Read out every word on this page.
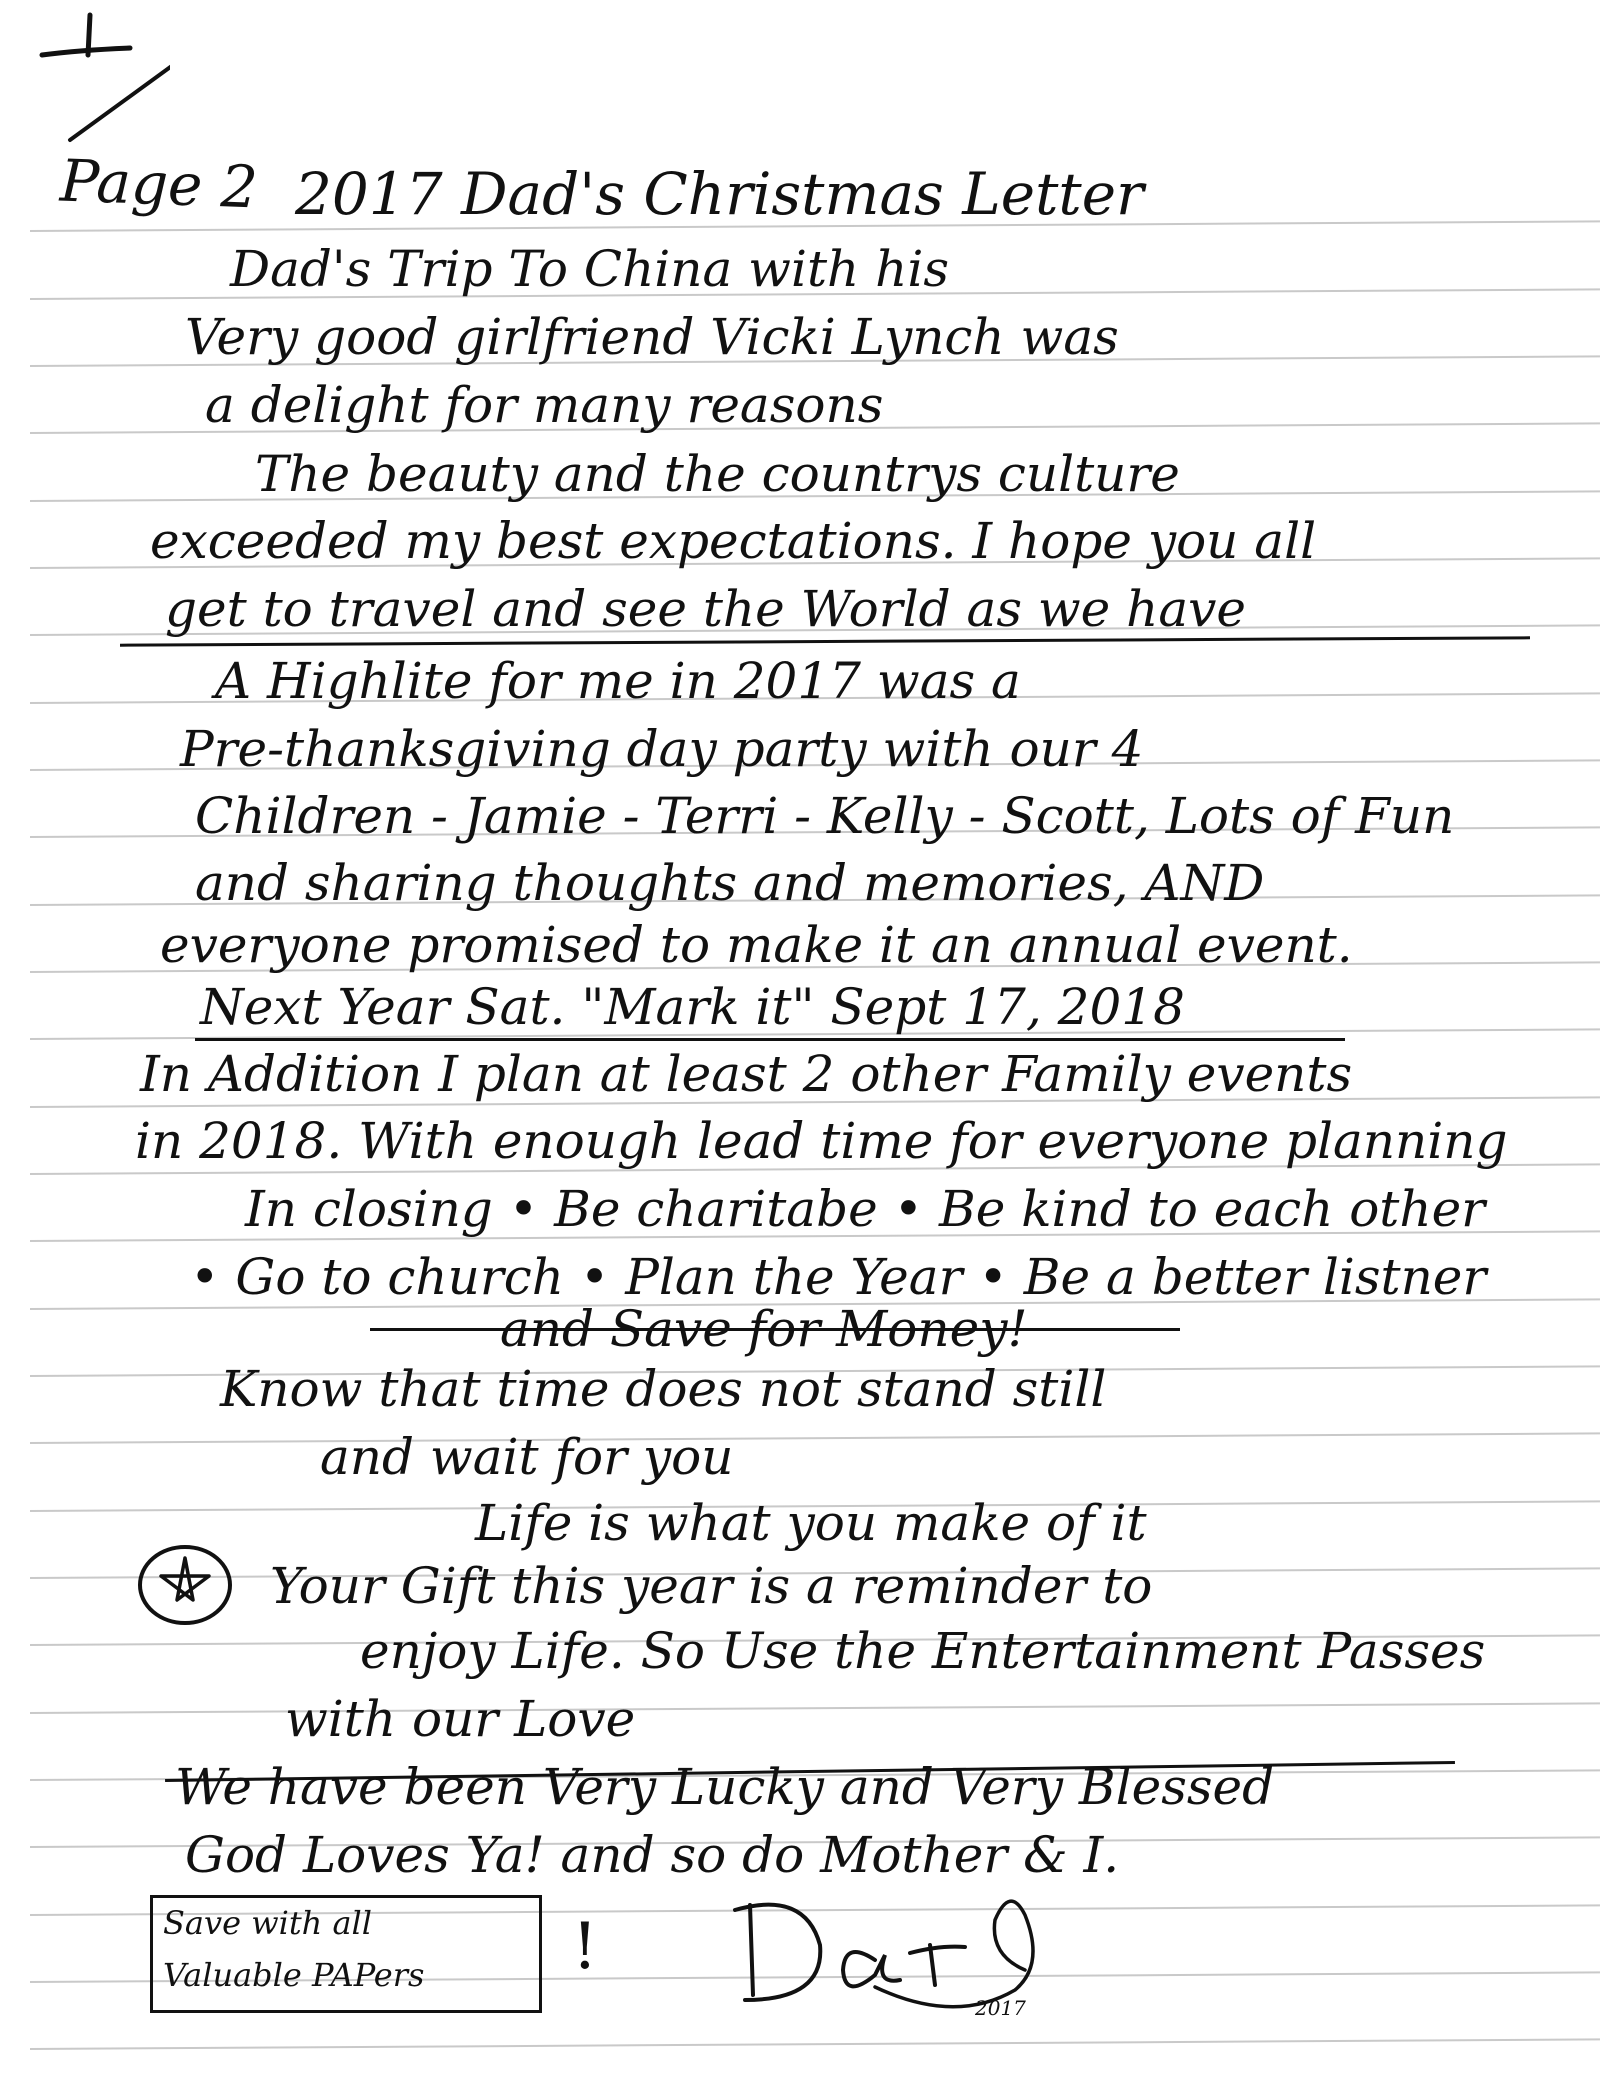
Page 2 2017 Dad's Christmas Letter
Dad's Trip To China with his
Very good girlfriend Vicki Lynch was
a delight for many reasons
The beauty and the countrys culture
exceeded my best expectations. I hope you all
get to travel and see the World as we have
A Highlite for me in 2017 was a
Pre-thanksgiving day party with our 4
Children - Jamie - Terri - Kelly - Scott, Lots of Fun
and sharing thoughts and memories, AND
everyone promised to make it an annual event.
Next Year Sat. "Mark it" Sept 17, 2018
In Addition I plan at least 2 other Family events
in 2018. With enough lead time for everyone planning
In closing • Be charitabe • Be kind to each other
• Go to church • Plan the Year • Be a better listner
and Save for Money!
Know that time does not stand still
and wait for you
Life is what you make of it
Your Gift this year is a reminder to
enjoy Life. So Use the Entertainment Passes
with our Love
We have been Very Lucky and Very Blessed
God Loves Ya! and so do Mother & I.
Save with all
Valuable PAPers !
2017
